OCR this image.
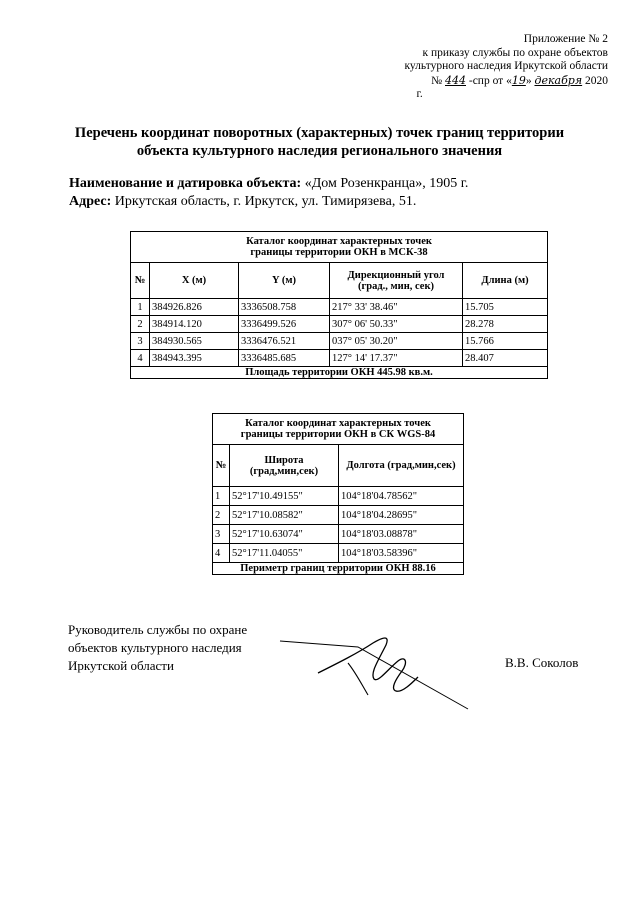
Приложение № 2
к приказу службы по охране объектов
культурного наследия Иркутской области
№ 444 -спр от «19» декабря 2020
г.
Перечень координат поворотных (характерных) точек границ территории
объекта культурного наследия регионального значения
Наименование и датировка объекта: «Дом Розенкранца», 1905 г.
Адрес: Иркутская область, г. Иркутск, ул. Тимирязева, 51.
Каталог координат характерных точек
границы территории ОКН в МСК-38				

№	X (м)	Y (м)	Дирекционный угол (град., мин, сек)	Длина (м)
1	384926.826	3336508.758	217° 33' 38.46"	15.705
2	384914.120	3336499.526	307° 06' 50.33"	28.278
3	384930.565	3336476.521	037° 05' 30.20"	15.766
4	384943.395	3336485.685	127° 14' 17.37"	28.407
Площадь территории ОКН 445.98 кв.м.				
Каталог координат характерных точек
границы территории ОКН в СК WGS-84		

№	Широта (град,мин,сек)	Долгота (град,мин,сек)
1	52°17'10.49155"	104°18'04.78562"
2	52°17'10.08582"	104°18'04.28695"
3	52°17'10.63074"	104°18'03.08878"
4	52°17'11.04055"	104°18'03.58396"
Периметр границ территории ОКН 88.16		
Руководитель службы по охране
объектов культурного наследия
Иркутской области	В.В. Соколов
